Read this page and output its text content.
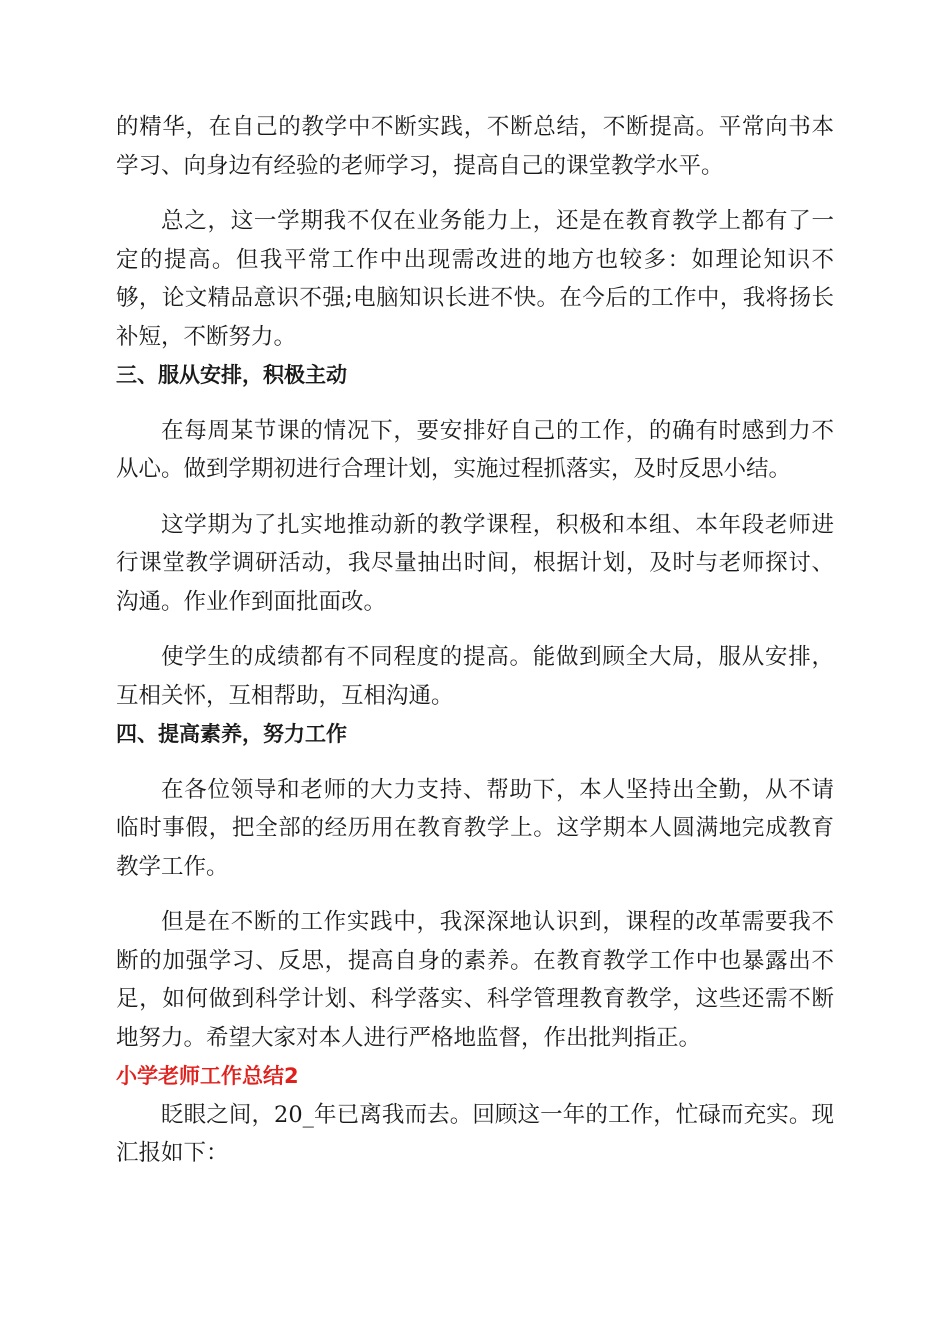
的精华，在自己的教学中不断实践，不断总结，不断提高。平常向书本学习、向身边有经验的老师学习，提高自己的课堂教学水平。

总之，这一学期我不仅在业务能力上，还是在教育教学上都有了一定的提高。但我平常工作中出现需改进的地方也较多：如理论知识不够，论文精品意识不强;电脑知识长进不快。在今后的工作中，我将扬长补短，不断努力。

三、服从安排，积极主动

在每周某节课的情况下，要安排好自己的工作，的确有时感到力不从心。做到学期初进行合理计划，实施过程抓落实，及时反思小结。

这学期为了扎实地推动新的教学课程，积极和本组、本年段老师进行课堂教学调研活动，我尽量抽出时间，根据计划，及时与老师探讨、沟通。作业作到面批面改。

使学生的成绩都有不同程度的提高。能做到顾全大局，服从安排，互相关怀，互相帮助，互相沟通。

四、提高素养，努力工作

在各位领导和老师的大力支持、帮助下，本人坚持出全勤，从不请临时事假，把全部的经历用在教育教学上。这学期本人圆满地完成教育教学工作。

但是在不断的工作实践中，我深深地认识到，课程的改革需要我不断的加强学习、反思，提高自身的素养。在教育教学工作中也暴露出不足，如何做到科学计划、科学落实、科学管理教育教学，这些还需不断地努力。希望大家对本人进行严格地监督，作出批判指正。

小学老师工作总结2

眨眼之间，20_年已离我而去。回顾这一年的工作，忙碌而充实。现汇报如下：
